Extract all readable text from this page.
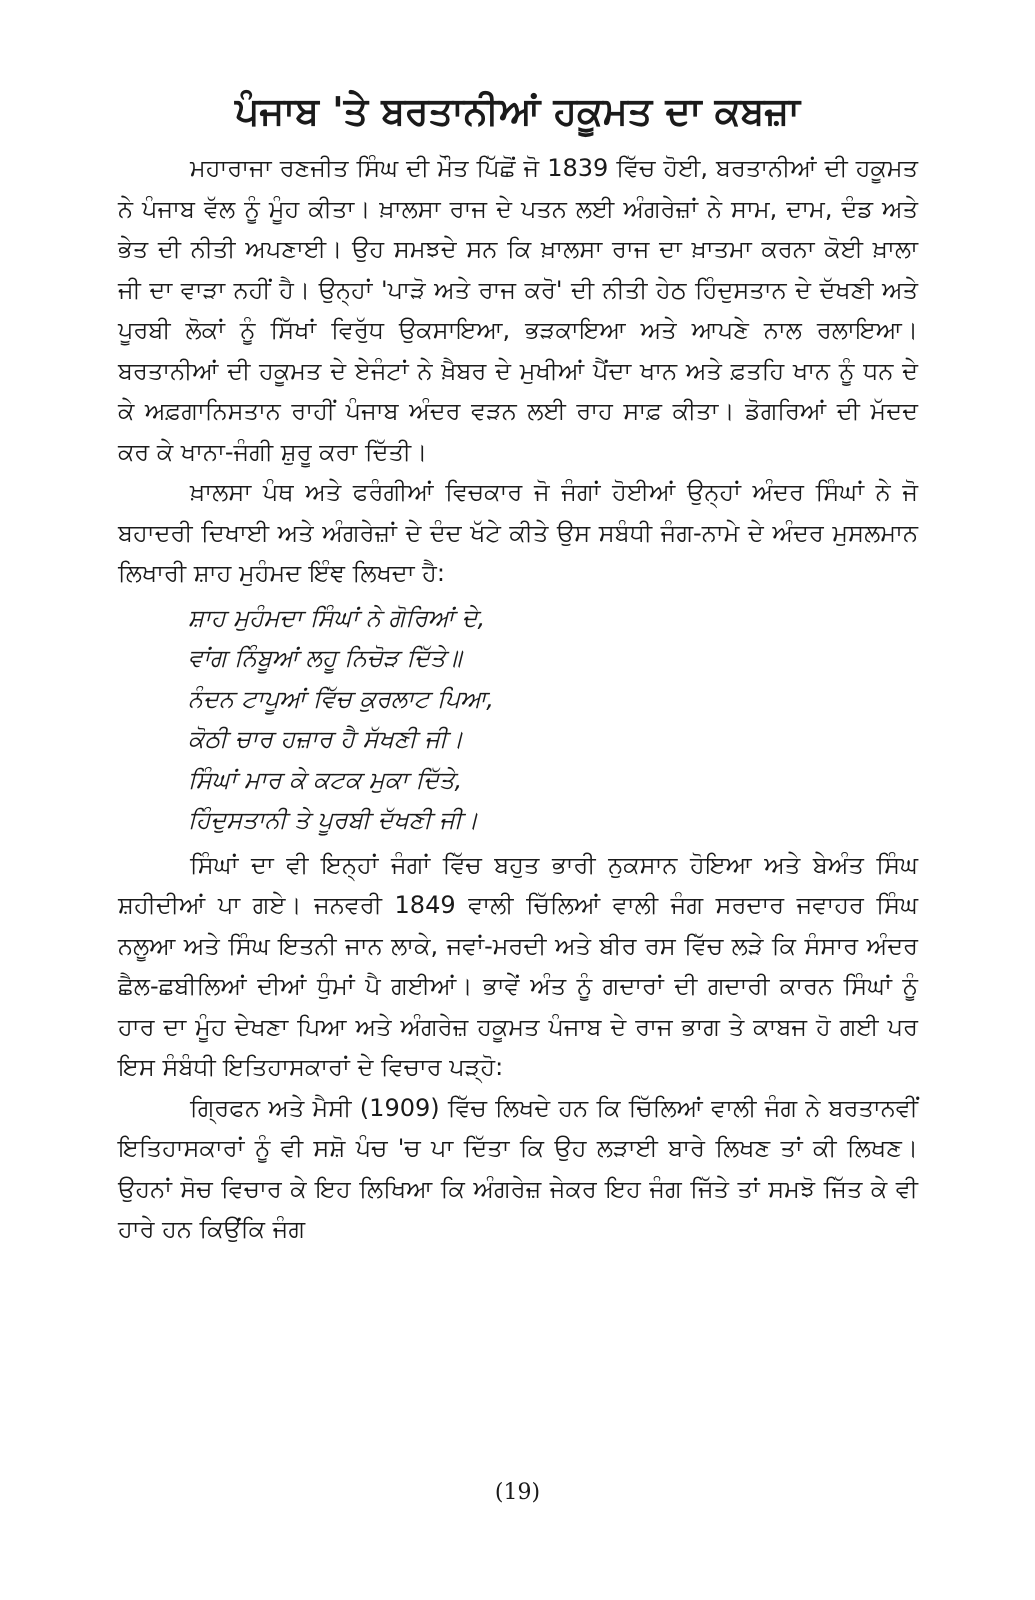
ਪੰਜਾਬ 'ਤੇ ਬਰਤਾਨੀਆਂ ਹਕੂਮਤ ਦਾ ਕਬਜ਼ਾ

ਮਹਾਰਾਜਾ ਰਣਜੀਤ ਸਿੰਘ ਦੀ ਮੌਤ ਪਿੱਛੋਂ ਜੋ 1839 ਵਿੱਚ ਹੋਈ, ਬਰਤਾਨੀਆਂ ਦੀ ਹਕੂਮਤ ਨੇ ਪੰਜਾਬ ਵੱਲ ਨੂੰ ਮੂੰਹ ਕੀਤਾ। ਖ਼ਾਲਸਾ ਰਾਜ ਦੇ ਪਤਨ ਲਈ ਅੰਗਰੇਜ਼ਾਂ ਨੇ ਸਾਮ, ਦਾਮ, ਦੰਡ ਅਤੇ ਭੇਤ ਦੀ ਨੀਤੀ ਅਪਣਾਈ। ਉਹ ਸਮਝਦੇ ਸਨ ਕਿ ਖ਼ਾਲਸਾ ਰਾਜ ਦਾ ਖ਼ਾਤਮਾ ਕਰਨਾ ਕੋਈ ਖ਼ਾਲਾ ਜੀ ਦਾ ਵਾੜਾ ਨਹੀਂ ਹੈ। ਉਨ੍ਹਾਂ 'ਪਾੜੋ ਅਤੇ ਰਾਜ ਕਰੋ' ਦੀ ਨੀਤੀ ਹੇਠ ਹਿੰਦੁਸਤਾਨ ਦੇ ਦੱਖਣੀ ਅਤੇ ਪੂਰਬੀ ਲੋਕਾਂ ਨੂੰ ਸਿੱਖਾਂ ਵਿਰੁੱਧ ਉਕਸਾਇਆ, ਭੜਕਾਇਆ ਅਤੇ ਆਪਣੇ ਨਾਲ ਰਲਾਇਆ। ਬਰਤਾਨੀਆਂ ਦੀ ਹਕੂਮਤ ਦੇ ਏਜੰਟਾਂ ਨੇ ਖ਼ੈਬਰ ਦੇ ਮੁਖੀਆਂ ਪੈਂਦਾ ਖਾਨ ਅਤੇ ਫ਼ਤਹਿ ਖਾਨ ਨੂੰ ਧਨ ਦੇ ਕੇ ਅਫ਼ਗਾਨਿਸਤਾਨ ਰਾਹੀਂ ਪੰਜਾਬ ਅੰਦਰ ਵੜਨ ਲਈ ਰਾਹ ਸਾਫ਼ ਕੀਤਾ। ਡੋਗਰਿਆਂ ਦੀ ਮੱਦਦ ਕਰ ਕੇ ਖਾਨਾ-ਜੰਗੀ ਸ਼ੁਰੂ ਕਰਾ ਦਿੱਤੀ।

ਖ਼ਾਲਸਾ ਪੰਥ ਅਤੇ ਫਰੰਗੀਆਂ ਵਿਚਕਾਰ ਜੋ ਜੰਗਾਂ ਹੋਈਆਂ ਉਨ੍ਹਾਂ ਅੰਦਰ ਸਿੰਘਾਂ ਨੇ ਜੋ ਬਹਾਦਰੀ ਦਿਖਾਈ ਅਤੇ ਅੰਗਰੇਜ਼ਾਂ ਦੇ ਦੰਦ ਖੱਟੇ ਕੀਤੇ ਉਸ ਸਬੰਧੀ ਜੰਗ-ਨਾਮੇ ਦੇ ਅੰਦਰ ਮੁਸਲਮਾਨ ਲਿਖਾਰੀ ਸ਼ਾਹ ਮੁਹੰਮਦ ਇੰਞ ਲਿਖਦਾ ਹੈ:

ਸ਼ਾਹ ਮੁਹੰਮਦਾ ਸਿੰਘਾਂ ਨੇ ਗੋਰਿਆਂ ਦੇ,
ਵਾਂਗ ਨਿੰਬੂਆਂ ਲਹੂ ਨਿਚੋੜ ਦਿੱਤੇ॥
ਨੰਦਨ ਟਾਪੂਆਂ ਵਿੱਚ ਕੁਰਲਾਟ ਪਿਆ,
ਕੋਠੀ ਚਾਰ ਹਜ਼ਾਰ ਹੈ ਸੱਖਣੀ ਜੀ।
ਸਿੰਘਾਂ ਮਾਰ ਕੇ ਕਟਕ ਮੁਕਾ ਦਿੱਤੇ,
ਹਿੰਦੁਸਤਾਨੀ ਤੇ ਪੂਰਬੀ ਦੱਖਣੀ ਜੀ।

ਸਿੰਘਾਂ ਦਾ ਵੀ ਇਨ੍ਹਾਂ ਜੰਗਾਂ ਵਿੱਚ ਬਹੁਤ ਭਾਰੀ ਨੁਕਸਾਨ ਹੋਇਆ ਅਤੇ ਬੇਅੰਤ ਸਿੰਘ ਸ਼ਹੀਦੀਆਂ ਪਾ ਗਏ। ਜਨਵਰੀ 1849 ਵਾਲੀ ਚਿੱਲਿਆਂ ਵਾਲੀ ਜੰਗ ਸਰਦਾਰ ਜਵਾਹਰ ਸਿੰਘ ਨਲੂਆ ਅਤੇ ਸਿੰਘ ਇਤਨੀ ਜਾਨ ਲਾਕੇ, ਜਵਾਂ-ਮਰਦੀ ਅਤੇ ਬੀਰ ਰਸ ਵਿੱਚ ਲੜੇ ਕਿ ਸੰਸਾਰ ਅੰਦਰ ਛੈਲ-ਛਬੀਲਿਆਂ ਦੀਆਂ ਧੁੰਮਾਂ ਪੈ ਗਈਆਂ। ਭਾਵੇਂ ਅੰਤ ਨੂੰ ਗਦਾਰਾਂ ਦੀ ਗਦਾਰੀ ਕਾਰਨ ਸਿੰਘਾਂ ਨੂੰ ਹਾਰ ਦਾ ਮੂੰਹ ਦੇਖਣਾ ਪਿਆ ਅਤੇ ਅੰਗਰੇਜ਼ ਹਕੂਮਤ ਪੰਜਾਬ ਦੇ ਰਾਜ ਭਾਗ ਤੇ ਕਾਬਜ ਹੋ ਗਈ ਪਰ ਇਸ ਸੰਬੰਧੀ ਇਤਿਹਾਸਕਾਰਾਂ ਦੇ ਵਿਚਾਰ ਪੜ੍ਹੋ:

ਗ੍ਰਿਫਨ ਅਤੇ ਮੈਸੀ (1909) ਵਿੱਚ ਲਿਖਦੇ ਹਨ ਕਿ ਚਿੱਲਿਆਂ ਵਾਲੀ ਜੰਗ ਨੇ ਬਰਤਾਨਵੀਂ ਇਤਿਹਾਸਕਾਰਾਂ ਨੂੰ ਵੀ ਸਸ਼ੋ ਪੰਚ 'ਚ ਪਾ ਦਿੱਤਾ ਕਿ ਉਹ ਲੜਾਈ ਬਾਰੇ ਲਿਖਣ ਤਾਂ ਕੀ ਲਿਖਣ। ਉਹਨਾਂ ਸੋਚ ਵਿਚਾਰ ਕੇ ਇਹ ਲਿਖਿਆ ਕਿ ਅੰਗਰੇਜ਼ ਜੇਕਰ ਇਹ ਜੰਗ ਜਿੱਤੇ ਤਾਂ ਸਮਝੋ ਜਿੱਤ ਕੇ ਵੀ ਹਾਰੇ ਹਨ ਕਿਉਂਕਿ ਜੰਗ

(19)
